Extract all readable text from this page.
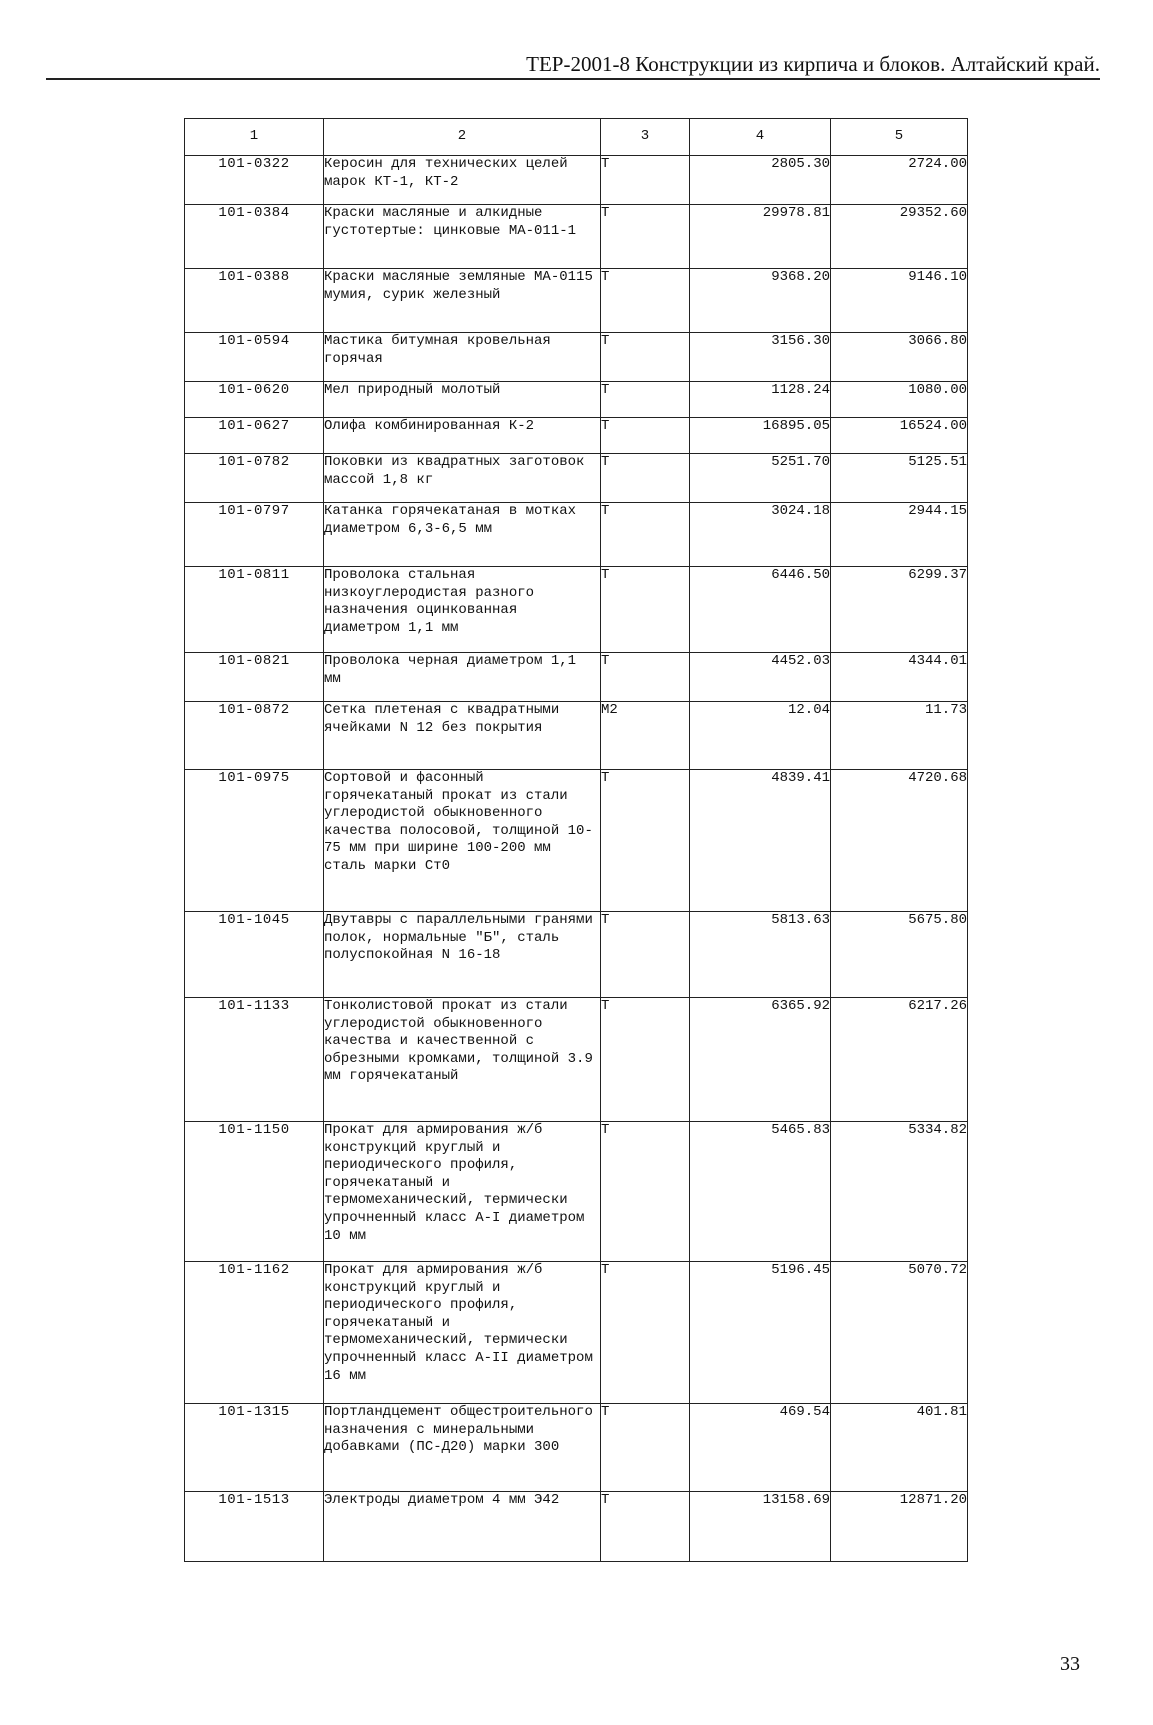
ТЕР-2001-8 Конструкции из кирпича и блоков. Алтайский край.
1	2	3	4	5
101-0322	Керосин для технических целей марок КТ-1, КТ-2	Т	2805.30	2724.00
101-0384	Краски масляные и алкидные густотертые: цинковые МА-011-1	Т	29978.81	29352.60
101-0388	Краски масляные земляные МА-0115 мумия, сурик железный	Т	9368.20	9146.10
101-0594	Мастика битумная кровельная горячая	Т	3156.30	3066.80
101-0620	Мел природный молотый	Т	1128.24	1080.00
101-0627	Олифа комбинированная К-2	Т	16895.05	16524.00
101-0782	Поковки из квадратных заготовок массой 1,8 кг	Т	5251.70	5125.51
101-0797	Катанка горячекатаная в мотках диаметром 6,3-6,5 мм	Т	3024.18	2944.15
101-0811	Проволока стальная низкоуглеродистая разного назначения оцинкованная диаметром 1,1 мм	Т	6446.50	6299.37
101-0821	Проволока черная диаметром 1,1 мм	Т	4452.03	4344.01
101-0872	Сетка плетеная с квадратными ячейками N 12 без покрытия	М2	12.04	11.73
101-0975	Сортовой и фасонный горячекатаный прокат из стали углеродистой обыкновенного качества полосовой, толщиной 10-75 мм при ширине 100-200 мм сталь марки Ст0	Т	4839.41	4720.68
101-1045	Двутавры с параллельными гранями полок, нормальные "Б", сталь полуспокойная N 16-18	Т	5813.63	5675.80
101-1133	Тонколистовой прокат из стали углеродистой обыкновенного качества и качественной с обрезными кромками, толщиной 3.9 мм горячекатаный	Т	6365.92	6217.26
101-1150	Прокат для армирования ж/б конструкций круглый и периодического профиля, горячекатаный и термомеханический, термически упрочненный класс А-I диаметром 10 мм	Т	5465.83	5334.82
101-1162	Прокат для армирования ж/б конструкций круглый и периодического профиля, горячекатаный и термомеханический, термически упрочненный класс А-II диаметром 16 мм	Т	5196.45	5070.72
101-1315	Портландцемент общестроительного назначения с минеральными добавками (ПС-Д20) марки 300	Т	469.54	401.81
101-1513	Электроды диаметром 4 мм Э42	Т	13158.69	12871.20
33
